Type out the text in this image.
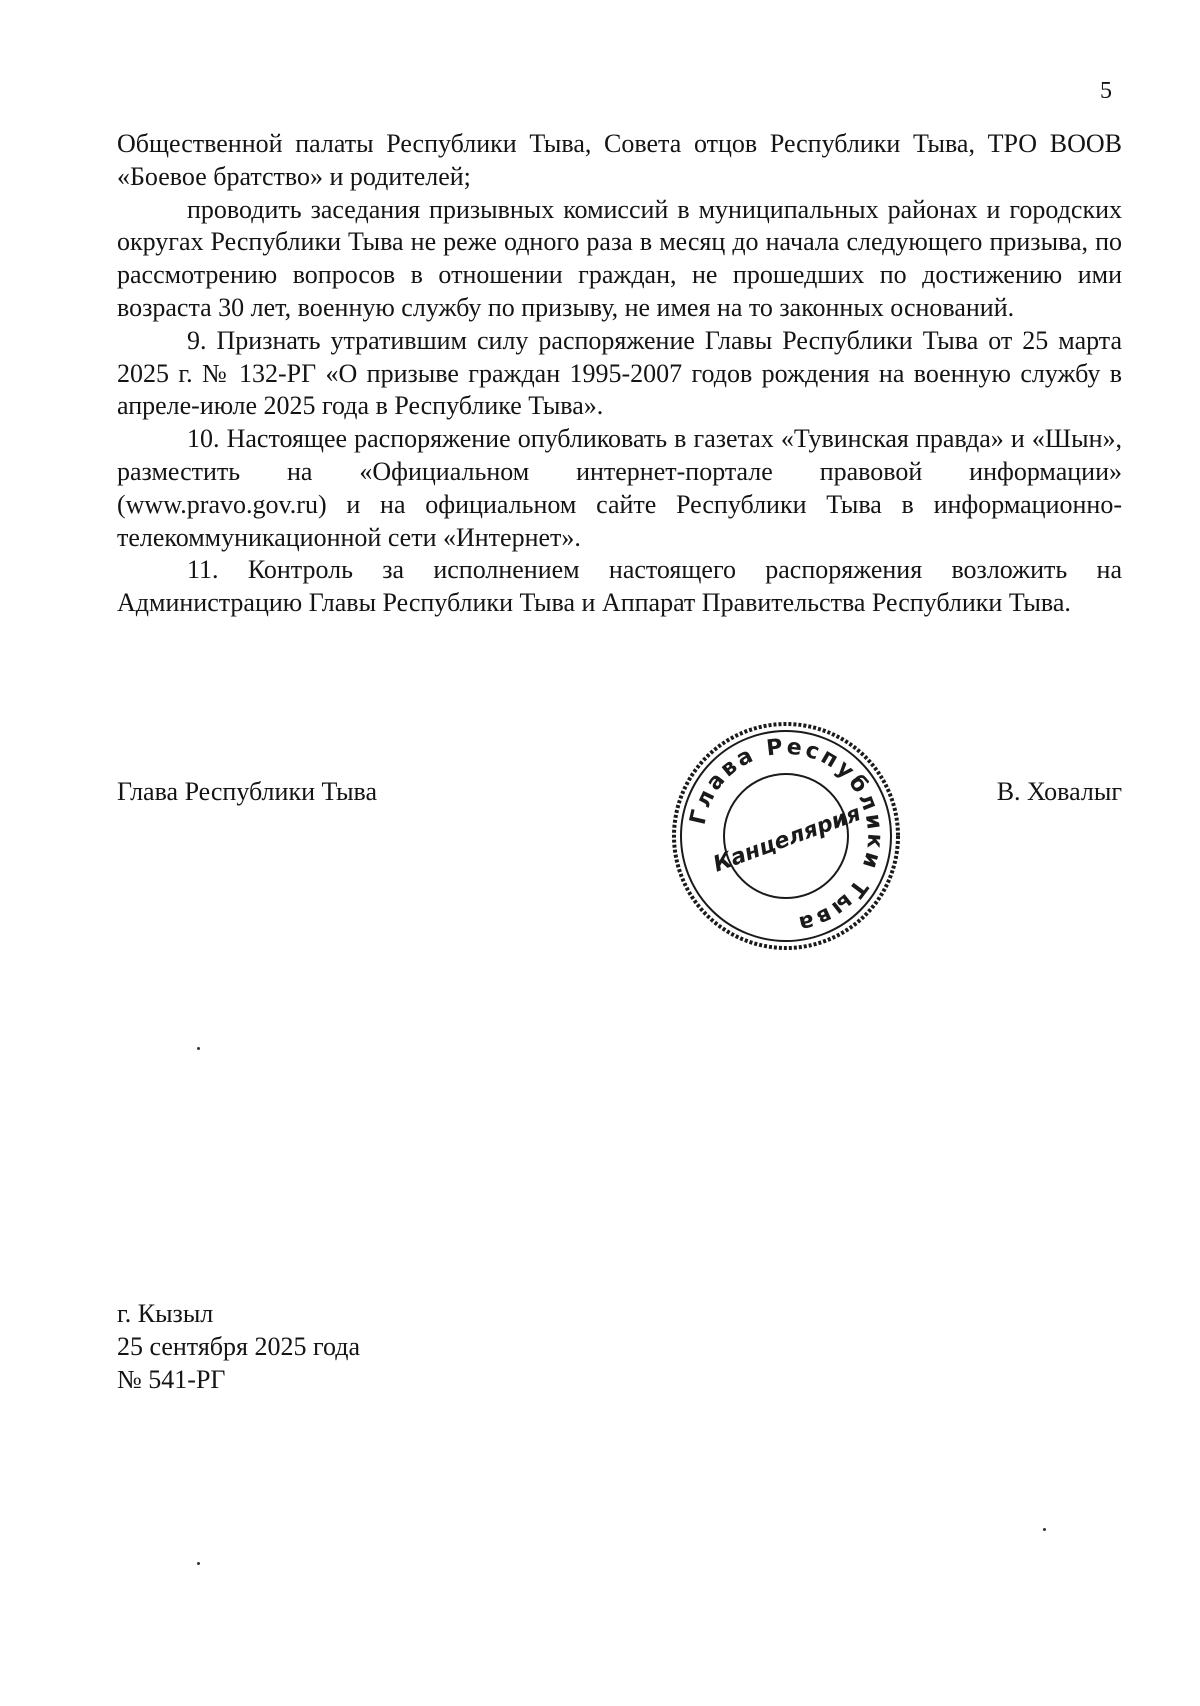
5

Общественной палаты Республики Тыва, Совета отцов Республики Тыва, ТРО ВООВ «Боевое братство» и родителей;

проводить заседания призывных комиссий в муниципальных районах и городских округах Республики Тыва не реже одного раза в месяц до начала следующего призыва, по рассмотрению вопросов в отношении граждан, не прошедших по достижению ими возраста 30 лет, военную службу по призыву, не имея на то законных оснований.

9. Признать утратившим силу распоряжение Главы Республики Тыва от 25 марта 2025 г. № 132-РГ «О призыве граждан 1995-2007 годов рождения на военную службу в апреле-июле 2025 года в Республике Тыва».

10. Настоящее распоряжение опубликовать в газетах «Тувинская правда» и «Шын», разместить на «Официальном интернет-портале правовой информации» (www.pravo.gov.ru) и на официальном сайте Республики Тыва в информационно-телекоммуникационной сети «Интернет».

11. Контроль за исполнением настоящего распоряжения возложить на Администрацию Главы Республики Тыва и Аппарат Правительства Республики Тыва.

Глава Республики Тыва	В. Ховалыг
Глава Республики Тыва
Канцелярия
г. Кызыл
25 сентября 2025 года
№ 541-РГ
